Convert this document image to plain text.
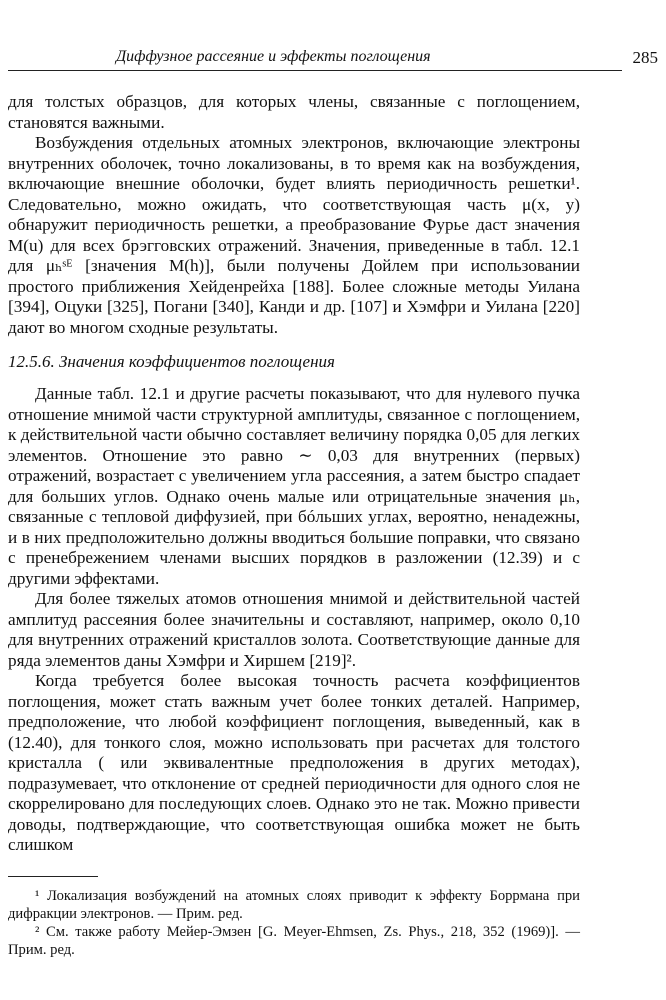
Диффузное рассеяние и эффекты поглощения	285

для толстых образцов, для которых члены, связанные с поглощением, становятся важными.

Возбуждения отдельных атомных электронов, включающие электроны внутренних оболочек, точно локализованы, в то время как на возбуждения, включающие внешние оболочки, будет влиять периодичность решетки¹. Следовательно, можно ожидать, что соответствующая часть μ(x, y) обнаружит периодичность решетки, а преобразование Фурье даст значения M(u) для всех брэгговских отражений. Значения, приведенные в табл. 12.1 для μₕˢᴱ [значения M(h)], были получены Дойлем при использовании простого приближения Хейденрейха [188]. Более сложные методы Уилана [394], Оцуки [325], Погани [340], Канди и др. [107] и Хэмфри и Уилана [220] дают во многом сходные результаты.

12.5.6. Значения коэффициентов поглощения

Данные табл. 12.1 и другие расчеты показывают, что для нулевого пучка отношение мнимой части структурной амплитуды, связанное с поглощением, к действительной части обычно составляет величину порядка 0,05 для легких элементов. Отношение это равно ∼ 0,03 для внутренних (первых) отражений, возрастает с увеличением угла рассеяния, а затем быстро спадает для больших углов. Однако очень малые или отрицательные значения μₕ, связанные с тепловой диффузией, при бóльших углах, вероятно, ненадежны, и в них предположительно должны вводиться большие поправки, что связано с пренебрежением членами высших порядков в разложении (12.39) и с другими эффектами.

Для более тяжелых атомов отношения мнимой и действительной частей амплитуд рассеяния более значительны и составляют, например, около 0,10 для внутренних отражений кристаллов золота. Соответствующие данные для ряда элементов даны Хэмфри и Хиршем [219]².

Когда требуется более высокая точность расчета коэффициентов поглощения, может стать важным учет более тонких деталей. Например, предположение, что любой коэффициент поглощения, выведенный, как в (12.40), для тонкого слоя, можно использовать при расчетах для толстого кристалла ( или эквивалентные предположения в других методах), подразумевает, что отклонение от средней периодичности для одного слоя не скоррелировано для последующих слоев. Однако это не так. Можно привести доводы, подтверждающие, что соответствующая ошибка может не быть слишком

¹ Локализация возбуждений на атомных слоях приводит к эффекту Боррмана при дифракции электронов. — Прим. ред.

² См. также работу Мейер-Эмзен [G. Meyer-Ehmsen, Zs. Phys., 218, 352 (1969)]. — Прим. ред.
